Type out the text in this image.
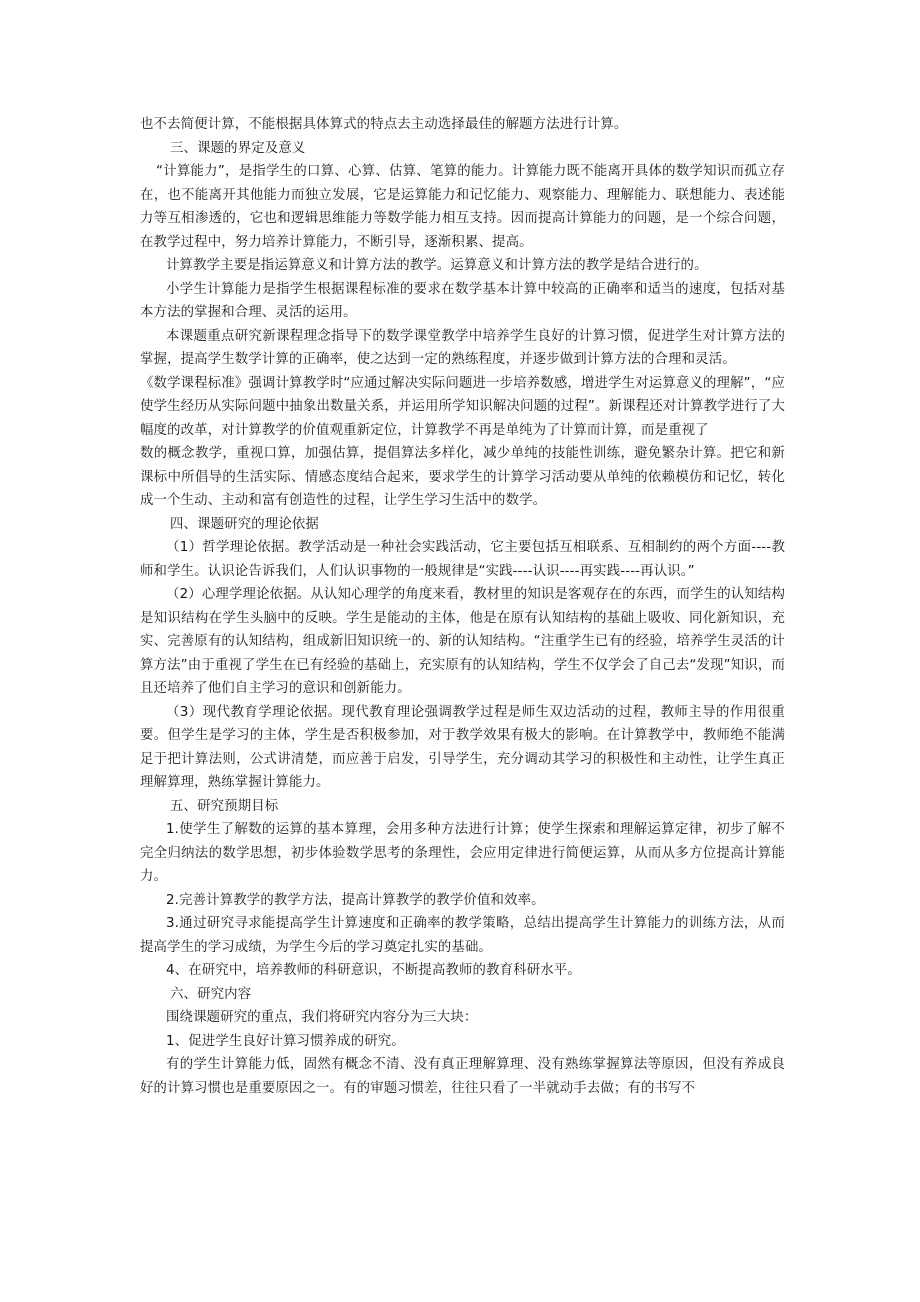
也不去简便计算，不能根据具体算式的特点去主动选择最佳的解题方法进行计算。

三、课题的界定及意义

“计算能力”，是指学生的口算、心算、估算、笔算的能力。计算能力既不能离开具体的数学知识而孤立存在，也不能离开其他能力而独立发展，它是运算能力和记忆能力、观察能力、理解能力、联想能力、表述能力等互相渗透的，它也和逻辑思维能力等数学能力相互支持。因而提高计算能力的问题，是一个综合问题，在教学过程中，努力培养计算能力，不断引导，逐渐积累、提高。

计算教学主要是指运算意义和计算方法的教学。运算意义和计算方法的教学是结合进行的。

小学生计算能力是指学生根据课程标准的要求在数学基本计算中较高的正确率和适当的速度，包括对基本方法的掌握和合理、灵活的运用。

本课题重点研究新课程理念指导下的数学课堂教学中培养学生良好的计算习惯，促进学生对计算方法的掌握，提高学生数学计算的正确率，使之达到一定的熟练程度，并逐步做到计算方法的合理和灵活。

《数学课程标准》强调计算教学时“应通过解决实际问题进一步培养数感，增进学生对运算意义的理解”，“应使学生经历从实际问题中抽象出数量关系，并运用所学知识解决问题的过程”。新课程还对计算教学进行了大幅度的改革，对计算教学的价值观重新定位，计算教学不再是单纯为了计算而计算，而是重视了

数的概念教学，重视口算，加强估算，提倡算法多样化，减少单纯的技能性训练，避免繁杂计算。把它和新课标中所倡导的生活实际、情感态度结合起来，要求学生的计算学习活动要从单纯的依赖模仿和记忆，转化成一个生动、主动和富有创造性的过程，让学生学习生活中的数学。

四、课题研究的理论依据

（1）哲学理论依据。教学活动是一种社会实践活动，它主要包括互相联系、互相制约的两个方面----教师和学生。认识论告诉我们，人们认识事物的一般规律是“实践----认识----再实践----再认识。”

（2）心理学理论依据。从认知心理学的角度来看，教材里的知识是客观存在的东西，而学生的认知结构是知识结构在学生头脑中的反映。学生是能动的主体，他是在原有认知结构的基础上吸收、同化新知识，充实、完善原有的认知结构，组成新旧知识统一的、新的认知结构。“注重学生已有的经验，培养学生灵活的计算方法”由于重视了学生在已有经验的基础上，充实原有的认知结构，学生不仅学会了自己去“发现”知识，而且还培养了他们自主学习的意识和创新能力。

（3）现代教育学理论依据。现代教育理论强调教学过程是师生双边活动的过程，教师主导的作用很重要。但学生是学习的主体，学生是否积极参加，对于教学效果有极大的影响。在计算教学中，教师绝不能满足于把计算法则，公式讲清楚，而应善于启发，引导学生，充分调动其学习的积极性和主动性，让学生真正理解算理，熟练掌握计算能力。

五、研究预期目标

1.使学生了解数的运算的基本算理，会用多种方法进行计算；使学生探索和理解运算定律，初步了解不完全归纳法的数学思想，初步体验数学思考的条理性，会应用定律进行简便运算，从而从多方位提高计算能力。

2.完善计算教学的教学方法，提高计算教学的教学价值和效率。

3.通过研究寻求能提高学生计算速度和正确率的教学策略，总结出提高学生计算能力的训练方法，从而提高学生的学习成绩，为学生今后的学习奠定扎实的基础。

4、在研究中，培养教师的科研意识，不断提高教师的教育科研水平。

六、研究内容

围绕课题研究的重点，我们将研究内容分为三大块：

1、促进学生良好计算习惯养成的研究。

有的学生计算能力低，固然有概念不清、没有真正理解算理、没有熟练掌握算法等原因，但没有养成良好的计算习惯也是重要原因之一。有的审题习惯差，往往只看了一半就动手去做；有的书写不
